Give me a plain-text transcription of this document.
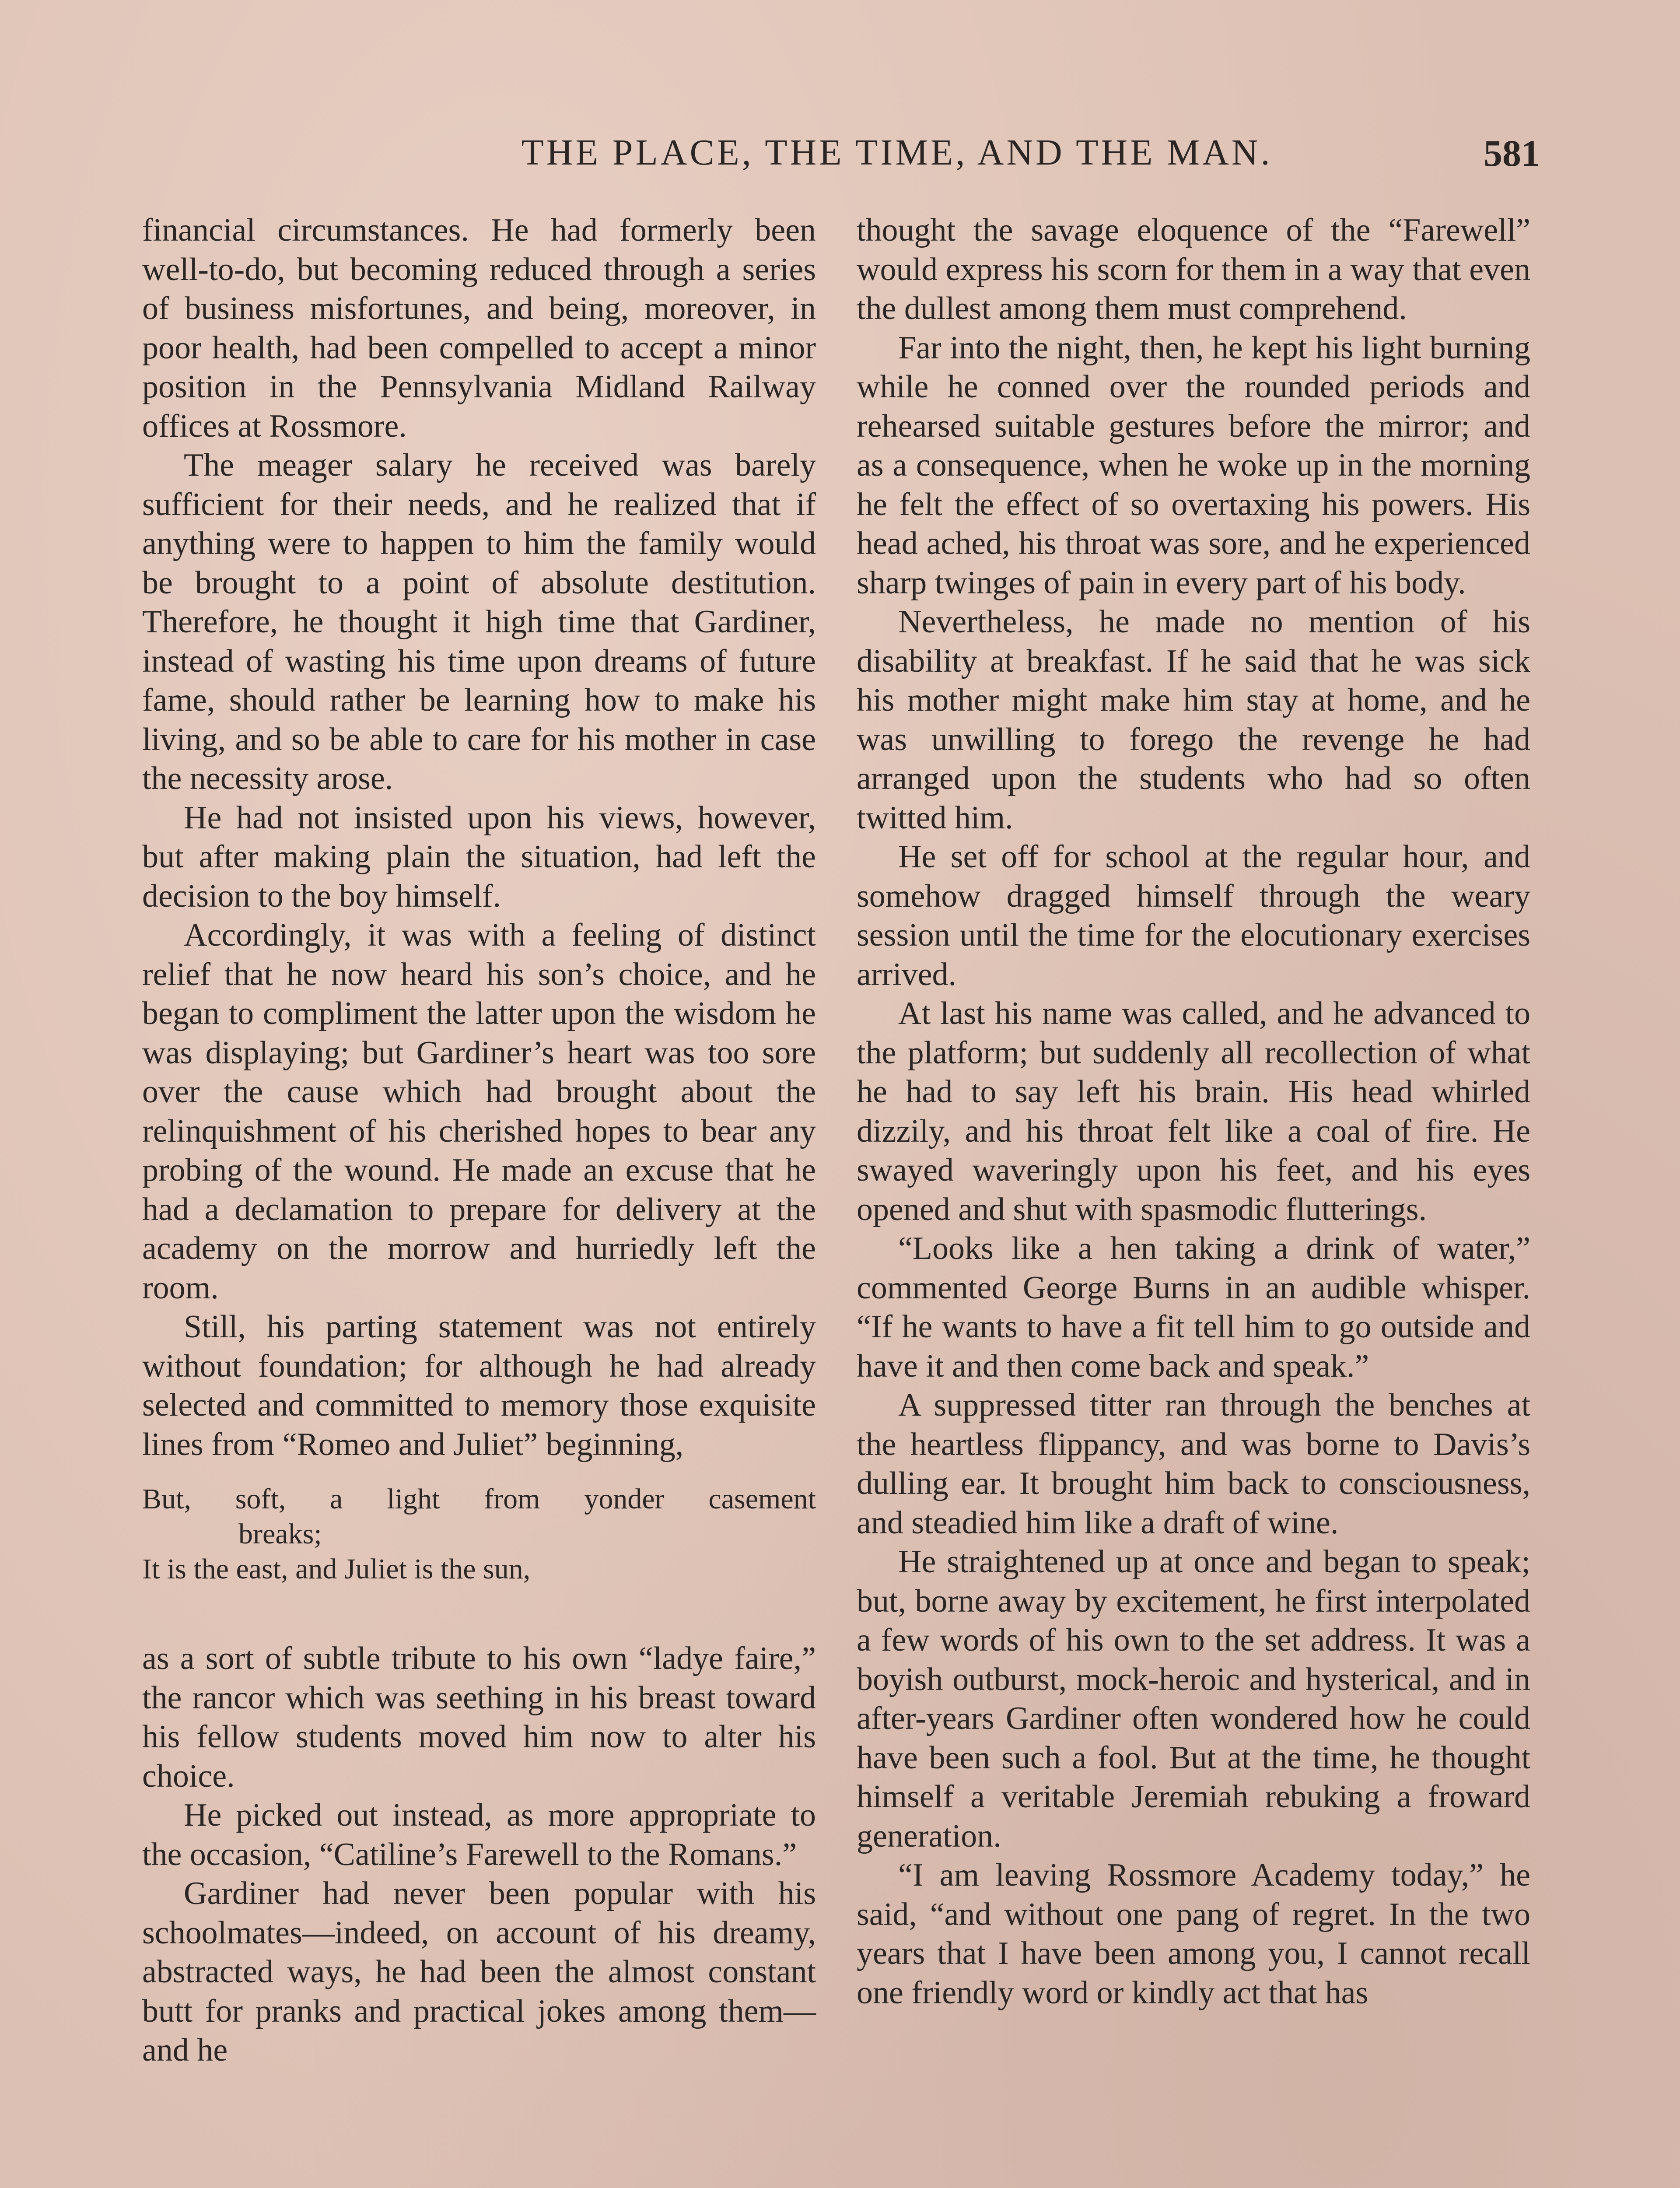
THE PLACE, THE TIME, AND THE MAN.	581

financial circumstances. He had formerly been well-to-do, but becoming reduced through a series of business misfortunes, and being, moreover, in poor health, had been compelled to accept a minor position in the Pennsylvania Midland Railway offices at Rossmore.

The meager salary he received was barely sufficient for their needs, and he realized that if anything were to happen to him the family would be brought to a point of absolute destitution. Therefore, he thought it high time that Gardiner, instead of wasting his time upon dreams of future fame, should rather be learning how to make his living, and so be able to care for his mother in case the necessity arose.

He had not insisted upon his views, however, but after making plain the situation, had left the decision to the boy himself.

Accordingly, it was with a feeling of distinct relief that he now heard his son’s choice, and he began to compliment the latter upon the wisdom he was displaying; but Gardiner’s heart was too sore over the cause which had brought about the relinquishment of his cherished hopes to bear any probing of the wound. He made an excuse that he had a declamation to prepare for delivery at the academy on the morrow and hurriedly left the room.

Still, his parting statement was not entirely without foundation; for although he had already selected and committed to memory those exquisite lines from “Romeo and Juliet” beginning,

But, soft, a light from yonder casement
breaks;
It is the east, and Juliet is the sun,

as a sort of subtle tribute to his own “ladye faire,” the rancor which was seething in his breast toward his fellow students moved him now to alter his choice.

He picked out instead, as more appropriate to the occasion, “Catiline’s Farewell to the Romans.”

Gardiner had never been popular with his schoolmates—indeed, on account of his dreamy, abstracted ways, he had been the almost constant butt for pranks and practical jokes among them—and he

thought the savage eloquence of the “Farewell” would express his scorn for them in a way that even the dullest among them must comprehend.

Far into the night, then, he kept his light burning while he conned over the rounded periods and rehearsed suitable gestures before the mirror; and as a consequence, when he woke up in the morning he felt the effect of so overtaxing his powers. His head ached, his throat was sore, and he experienced sharp twinges of pain in every part of his body.

Nevertheless, he made no mention of his disability at breakfast. If he said that he was sick his mother might make him stay at home, and he was unwilling to forego the revenge he had arranged upon the students who had so often twitted him.

He set off for school at the regular hour, and somehow dragged himself through the weary session until the time for the elocutionary exercises arrived.

At last his name was called, and he advanced to the platform; but suddenly all recollection of what he had to say left his brain. His head whirled dizzily, and his throat felt like a coal of fire. He swayed waveringly upon his feet, and his eyes opened and shut with spasmodic flutterings.

“Looks like a hen taking a drink of water,” commented George Burns in an audible whisper. “If he wants to have a fit tell him to go outside and have it and then come back and speak.”

A suppressed titter ran through the benches at the heartless flippancy, and was borne to Davis’s dulling ear. It brought him back to consciousness, and steadied him like a draft of wine.

He straightened up at once and began to speak; but, borne away by excitement, he first interpolated a few words of his own to the set address. It was a boyish outburst, mock-heroic and hysterical, and in after-years Gardiner often wondered how he could have been such a fool. But at the time, he thought himself a veritable Jeremiah rebuking a froward generation.

“I am leaving Rossmore Academy today,” he said, “and without one pang of regret. In the two years that I have been among you, I cannot recall one friendly word or kindly act that has
